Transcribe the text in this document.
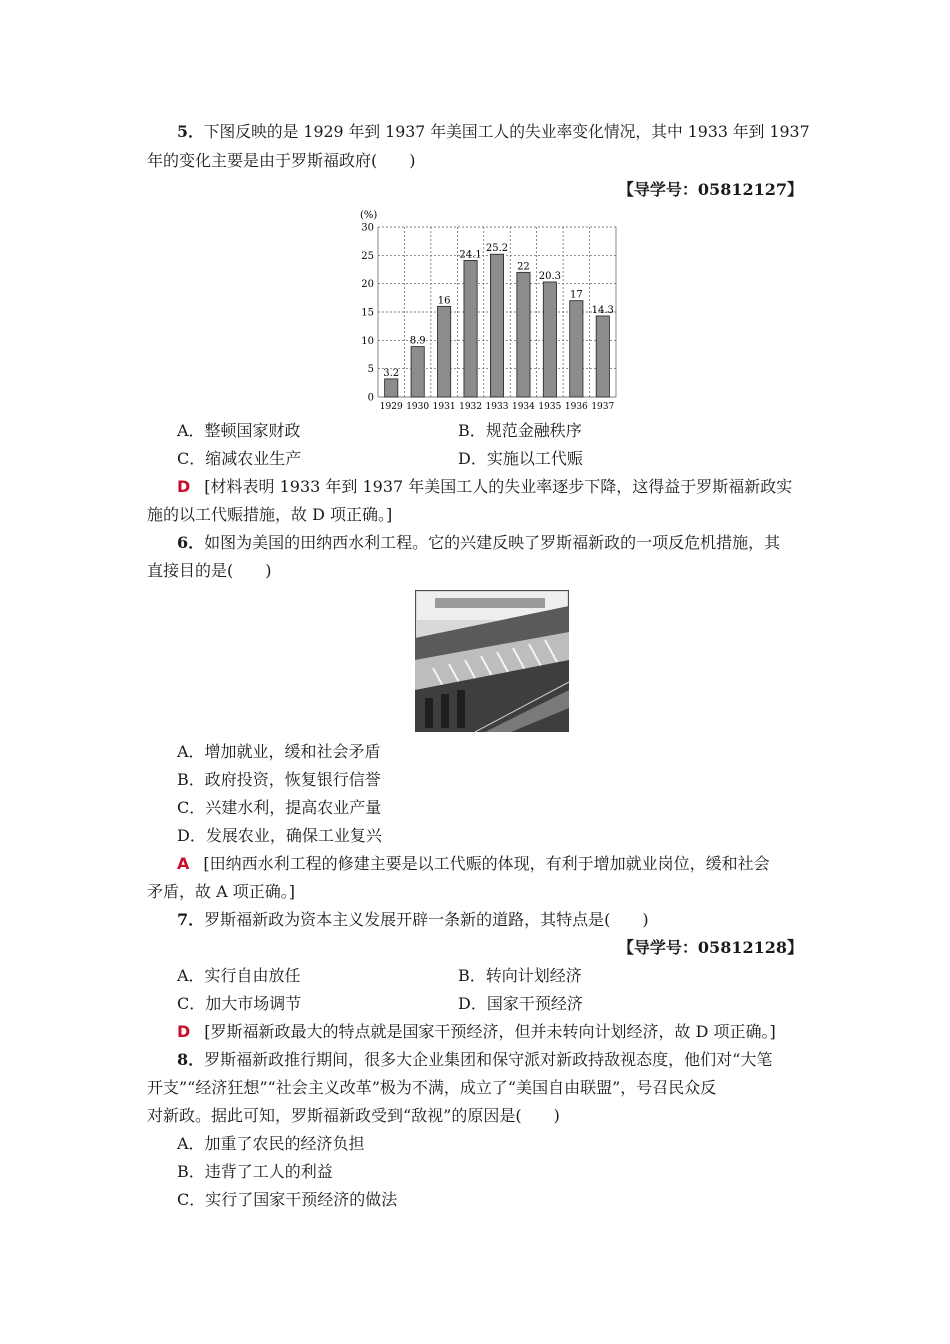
5．下图反映的是 1929 年到 1937 年美国工人的失业率变化情况，其中 1933 年到 1937
年的变化主要是由于罗斯福政府(　　)
【导学号：05812127】
(%)
0
5
10
15
20
25
30
3.2
8.9
16
24.1
25.2
22
20.3
17
14.3
1929 1930 1931 1932 1933 1934 1935 1936 1937
A．整顿国家财政	B．规范金融秩序
C．缩减农业生产	D．实施以工代赈
D [材料表明 1933 年到 1937 年美国工人的失业率逐步下降，这得益于罗斯福新政实
施的以工代赈措施，故 D 项正确。]
6．如图为美国的田纳西水利工程。它的兴建反映了罗斯福新政的一项反危机措施，其
直接目的是(　　)
A．增加就业，缓和社会矛盾
B．政府投资，恢复银行信誉
C．兴建水利，提高农业产量
D．发展农业，确保工业复兴
A [田纳西水利工程的修建主要是以工代赈的体现，有利于增加就业岗位，缓和社会
矛盾，故 A 项正确。]
7．罗斯福新政为资本主义发展开辟一条新的道路，其特点是(　　)
【导学号：05812128】
A．实行自由放任	B．转向计划经济
C．加大市场调节	D．国家干预经济
D [罗斯福新政最大的特点就是国家干预经济，但并未转向计划经济，故 D 项正确。]
8．罗斯福新政推行期间，很多大企业集团和保守派对新政持敌视态度，他们对“大笔
开支”“经济狂想”“社会主义改革”极为不满，成立了“美国自由联盟”，号召民众反
对新政。据此可知，罗斯福新政受到“敌视”的原因是(　　)
A．加重了农民的经济负担
B．违背了工人的利益
C．实行了国家干预经济的做法
